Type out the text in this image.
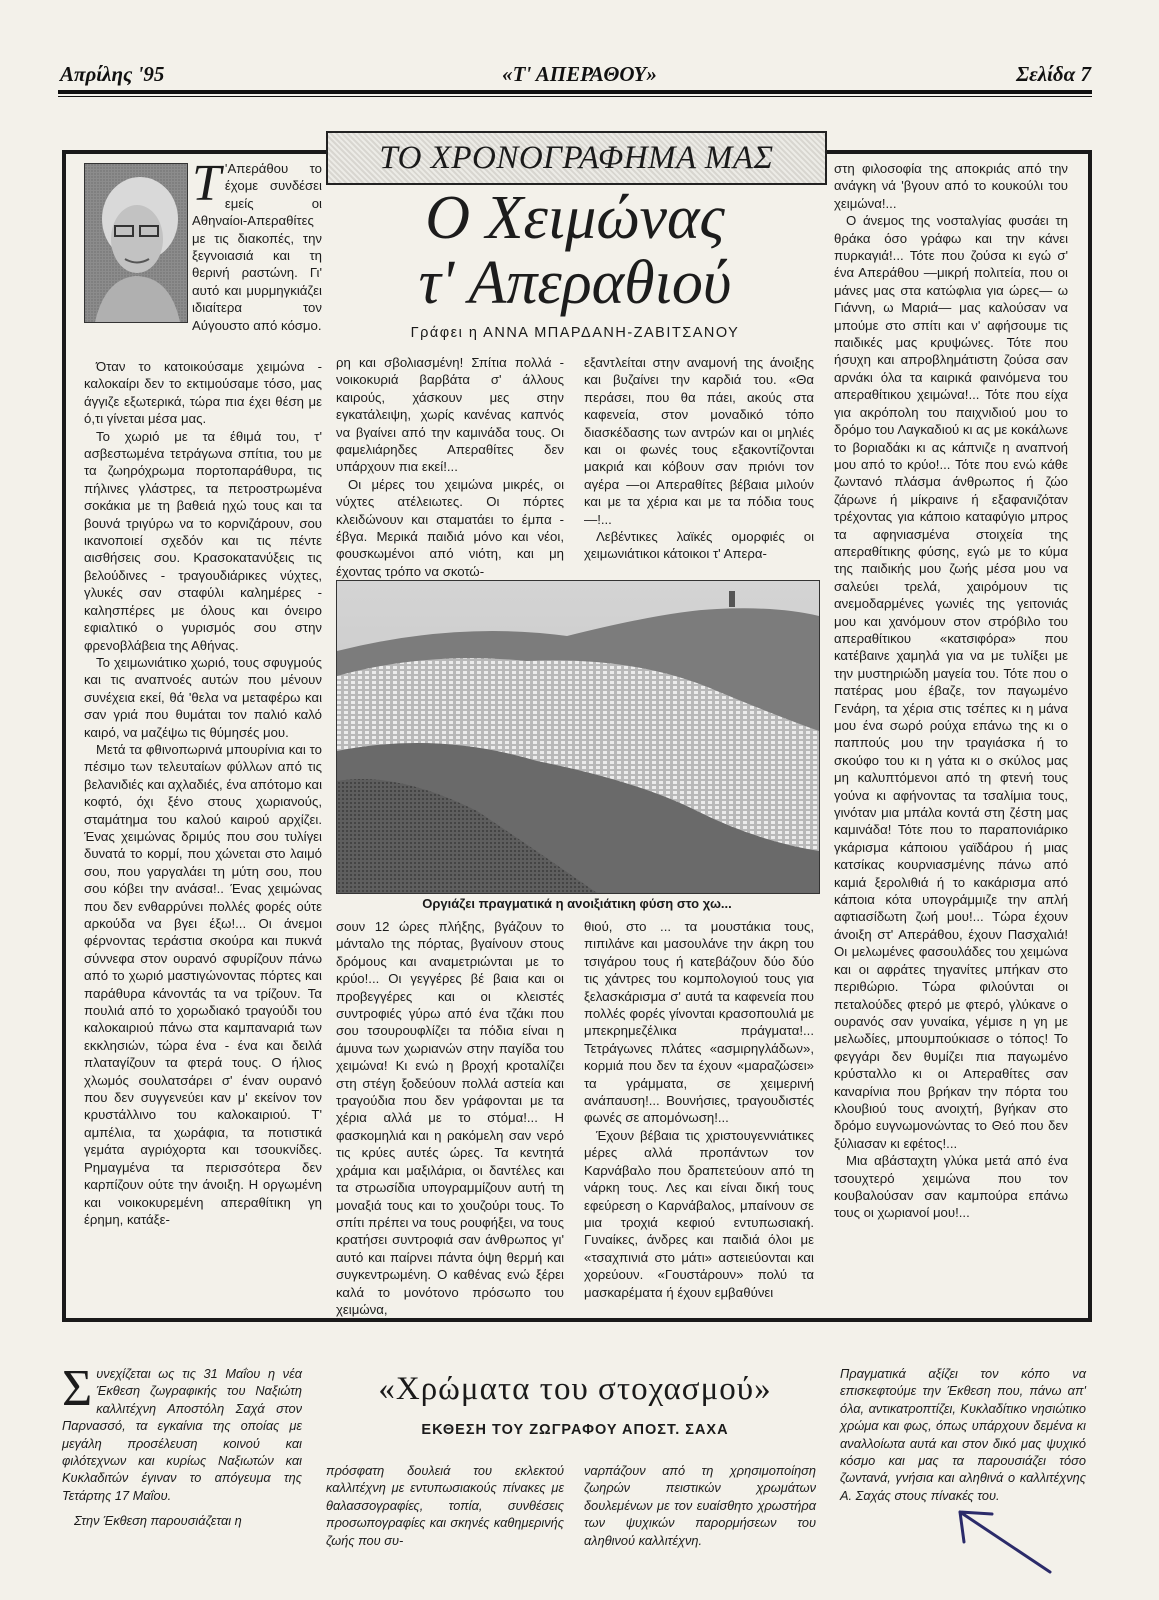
Απρίλης '95	«Τ' ΑΠΕΡΑΘΟΥ»	Σελίδα 7
ΤΟ ΧΡΟΝΟΓΡΑΦΗΜΑ ΜΑΣ
Ο Χειμώνας
τ' Απεραθιού
Γράφει η ΑΝΝΑ ΜΠΑΡΔΑΝΗ-ΖΑΒΙΤΣΑΝΟΥ

Τ 'Απεράθου το έχομε συνδέσει εμείς οι Αθηναίοι-Απεραθίτες με τις διακοπές, την ξεγνοιασιά και τη θερινή ραστώνη. Γι' αυτό και μυρμηγκιάζει ιδιαίτερα τον Αύγουστο από κόσμο.

Όταν το κατοικούσαμε χειμώνα - καλοκαίρι δεν το εκτιμούσαμε τόσο, μας άγγιζε εξωτερικά, τώρα πια έχει θέση με ό,τι γίνεται μέσα μας.

Το χωριό με τα έθιμά του, τ' ασβεστωμένα τετράγωνα σπίτια, του με τα ζωηρόχρωμα πορτοπαράθυρα, τις πήλινες γλάστρες, τα πετροστρωμένα σοκάκια με τη βαθειά ηχώ τους και τα βουνά τριγύρω να το κορνιζάρουν, σου ικανοποιεί σχεδόν και τις πέντε αισθήσεις σου. Κρασοκατανύξεις τις βελούδινες - τραγουδιάρικες νύχτες, γλυκές σαν σταφύλι καλημέρες - καλησπέρες με όλους και όνειρο εφιαλτικό ο γυρισμός σου στην φρενοβλάβεια της Αθήνας.

Το χειμωνιάτικο χωριό, τους σφυγμούς και τις αναπνοές αυτών που μένουν συνέχεια εκεί, θά 'θελα να μεταφέρω και σαν γριά που θυμάται τον παλιό καλό καιρό, να μαζέψω τις θύμησές μου.

Μετά τα φθινοπωρινά μπουρίνια και το πέσιμο των τελευταίων φύλλων από τις βελανιδιές και αχλαδιές, ένα απότομο και κοφτό, όχι ξένο στους χωριανούς, σταμάτημα του καλού καιρού αρχίζει. Ένας χειμώνας δριμύς που σου τυλίγει δυνατά το κορμί, που χώνεται στο λαιμό σου, που γαργαλάει τη μύτη σου, που σου κόβει την ανάσα!.. Ένας χειμώνας που δεν ενθαρρύνει πολλές φορές ούτε αρκούδα να βγει έξω!... Οι άνεμοι φέρνοντας τεράστια σκούρα και πυκνά σύννεφα στον ουρανό σφυρίζουν πάνω από το χωριό μαστιγώνοντας πόρτες και παράθυρα κάνοντάς τα να τρίζουν. Τα πουλιά από το χορωδιακό τραγούδι του καλοκαιριού πάνω στα καμπαναριά των εκκλησιών, τώρα ένα - ένα και δειλά πλαταγίζουν τα φτερά τους. Ο ήλιος χλωμός σουλατσάρει σ' έναν ουρανό που δεν συγγενεύει καν μ' εκείνον τον κρυστάλλινο του καλοκαιριού. Τ' αμπέλια, τα χωράφια, τα ποτιστικά γεμάτα αγριόχορτα και τσουκνίδες. Ρημαγμένα τα περισσότερα δεν καρπίζουν ούτε την άνοιξη. Η οργωμένη και νοικοκυρεμένη απεραθίτικη γη έρημη, κατάξε-

ρη και σβολιασμένη! Σπίτια πολλά - νοικοκυριά βαρβάτα σ' άλλους καιρούς, χάσκουν μες στην εγκατάλειψη, χωρίς κανένας καπνός να βγαίνει από την καμινάδα τους. Οι φαμελιάρηδες Απεραθίτες δεν υπάρχουν πια εκεί!...

Οι μέρες του χειμώνα μικρές, οι νύχτες ατέλειωτες. Οι πόρτες κλειδώνουν και σταματάει το έμπα - έβγα. Μερικά παιδιά μόνο και νέοι, φουσκωμένοι από νιότη, και μη έχοντας τρόπο να σκοτώ-

εξαντλείται στην αναμονή της άνοιξης και βυζαίνει την καρδιά του. «Θα περάσει, που θα πάει, ακούς στα καφενεία, στον μοναδικό τόπο διασκέδασης των αντρών και οι μηλιές και οι φωνές τους εξακοντίζονται μακριά και κόβουν σαν πριόνι τον αγέρα —οι Απεραθίτες βέβαια μιλούν και με τα χέρια και με τα πόδια τους—!...

Λεβέντικες λαϊκές ομορφιές οι χειμωνιάτικοι κάτοικοι τ' Απερα-

Οργιάζει πραγματικά η ανοιξιάτικη φύση στο χω...

σουν 12 ώρες πλήξης, βγάζουν το μάνταλο της πόρτας, βγαίνουν στους δρόμους και αναμετριώνται με το κρύο!... Οι γεγγέρες βέ βαια και οι προβεγγέρες και οι κλειστές συντροφιές γύρω από ένα τζάκι που σου τσουρουφλίζει τα πόδια είναι η άμυνα των χωριανών στην παγίδα του χειμώνα! Κι ενώ η βροχή κροταλίζει στη στέγη ξοδεύουν πολλά αστεία και τραγούδια που δεν γράφονται με τα χέρια αλλά με το στόμα!... Η φασκομηλιά και η ρακόμελη σαν νερό τις κρύες αυτές ώρες. Τα κεντητά χράμια και μαξιλάρια, οι δαντέλες και τα στρωσίδια υπογραμμίζουν αυτή τη μοναξιά τους και το χουζούρι τους. Το σπίτι πρέπει να τους ρουφήξει, να τους κρατήσει συντροφιά σαν άνθρωπος γι' αυτό και παίρνει πάντα όψη θερμή και συγκεντρωμένη. Ο καθένας ενώ ξέρει καλά το μονότονο πρόσωπο του χειμώνα,

θιού, στο ... τα μουστάκια τους, πιπιλάνε και μασουλάνε την άκρη του τσιγάρου τους ή κατεβάζουν δύο δύο τις χάντρες του κομπολογιού τους για ξελασκάρισμα σ' αυτά τα καφενεία που πολλές φορές γίνονται κρασοπουλιά με μπεκρημεζέλικα πράγματα!... Τετράγωνες πλάτες «ασμιρηγλάδων», κορμιά που δεν τα έχουν «μαραζώσει» τα γράμματα, σε χειμερινή ανάπαυση!... Βουνήσιες, τραγουδιστές φωνές σε απομόνωση!...

Έχουν βέβαια τις χριστουγεννιάτικες μέρες αλλά προπάντων τον Καρνάβαλο που δραπετεύουν από τη νάρκη τους. Λες και είναι δική τους εφεύρεση ο Καρνάβαλος, μπαίνουν σε μια τροχιά κεφιού εντυπωσιακή. Γυναίκες, άνδρες και παιδιά όλοι με «τσαχπινιά στο μάτι» αστειεύονται και χορεύουν. «Γουστάρουν» πολύ τα μασκαρέματα ή έχουν εμβαθύνει

στη φιλοσοφία της αποκριάς από την ανάγκη νά 'βγουν από το κουκούλι του χειμώνα!...

Ο άνεμος της νοσταλγίας φυσάει τη θράκα όσο γράφω και την κάνει πυρκαγιά!... Τότε που ζούσα κι εγώ σ' ένα Απεράθου —μικρή πολιτεία, που οι μάνες μας στα κατώφλια για ώρες— ω Γιάννη, ω Μαριά— μας καλούσαν να μπούμε στο σπίτι και ν' αφήσουμε τις παιδικές μας κρυψώνες. Τότε που ήσυχη και απροβλημάτιστη ζούσα σαν αρνάκι όλα τα καιρικά φαινόμενα του απεραθίτικου χειμώνα!... Τότε που είχα για ακρόπολη του παιχνιδιού μου το δρόμο του Λαγκαδιού κι ας με κοκάλωνε το βοριαδάκι κι ας κάπνιζε η αναπνοή μου από το κρύο!... Τότε που ενώ κάθε ζωντανό πλάσμα άνθρωπος ή ζώο ζάρωνε ή μίκραινε ή εξαφανιζόταν τρέχοντας για κάποιο καταφύγιο μπρος τα αφηνιασμένα στοιχεία της απεραθίτικης φύσης, εγώ με το κύμα της παιδικής μου ζωής μέσα μου να σαλεύει τρελά, χαιρόμουν τις ανεμοδαρμένες γωνιές της γειτονιάς μου και χανόμουν στον στρόβιλο του απεραθίτικου «κατσιφόρα» που κατέβαινε χαμηλά για να με τυλίξει με την μυστηριώδη μαγεία του. Τότε που ο πατέρας μου έβαζε, τον παγωμένο Γενάρη, τα χέρια στις τσέπες κι η μάνα μου ένα σωρό ρούχα επάνω της κι ο παππούς μου την τραγιάσκα ή το σκούφο του κι η γάτα κι ο σκύλος μας μη καλυπτόμενοι από τη φτενή τους γούνα κι αφήνοντας τα τσαλίμια τους, γινόταν μια μπάλα κοντά στη ζέστη μας καμινάδα! Τότε που το παραπονιάρικο γκάρισμα κάποιου γαϊδάρου ή μιας κατσίκας κουρνιασμένης πάνω από καμιά ξερολιθιά ή το κακάρισμα από κάποια κότα υπογράμμιζε την απλή αφτιασίδωτη ζωή μου!... Τώρα έχουν άνοιξη στ' Απεράθου, έχουν Πασχαλιά! Οι μελωμένες φασουλάδες του χειμώνα και οι αφράτες τηγανίτες μπήκαν στο περιθώριο. Τώρα φιλούνται οι πεταλούδες φτερό με φτερό, γλύκανε ο ουρανός σαν γυναίκα, γέμισε η γη με μελωδίες, μπουμπούκιασε ο τόπος! Το φεγγάρι δεν θυμίζει πια παγωμένο κρύσταλλο κι οι Απεραθίτες σαν καναρίνια που βρήκαν την πόρτα του κλουβιού τους ανοιχτή, βγήκαν στο δρόμο ευγνωμονώντας το Θεό που δεν ξύλιασαν κι εφέτος!...

Μια αβάσταχτη γλύκα μετά από ένα τσουχτερό χειμώνα που τον κουβαλούσαν σαν καμπούρα επάνω τους οι χωριανοί μου!...

«Χρώματα του στοχασμού»
ΕΚΘΕΣΗ ΤΟΥ ΖΩΓΡΑΦΟΥ ΑΠΟΣΤ. ΣΑΧΑ

Συνεχίζεται ως τις 31 Μαΐου η νέα Έκθεση ζωγραφικής του Ναξιώτη καλλιτέχνη Αποστόλη Σαχά στον Παρνασσό, τα εγκαίνια της οποίας με μεγάλη προσέλευση κοινού και φιλότεχνων και κυρίως Ναξιωτών και Κυκλαδιτών έγιναν το απόγευμα της Τετάρτης 17 Μαΐου.

Στην Έκθεση παρουσιάζεται η

πρόσφατη δουλειά του εκλεκτού καλλιτέχνη με εντυπωσιακούς πίνακες με θαλασσογραφίες, τοπία, συνθέσεις προσωπογραφίες και σκηνές καθημερινής ζωής που συ-

ναρπάζουν από τη χρησιμοποίηση ζωηρών πειστικών χρωμάτων δουλεμένων με τον ευαίσθητο χρωστήρα των ψυχικών παρορμήσεων του αληθινού καλλιτέχνη.

Πραγματικά αξίζει τον κόπο να επισκεφτούμε την Έκθεση που, πάνω απ' όλα, αντικατροπτίζει, Κυκλαδίτικο νησιώτικο χρώμα και φως, όπως υπάρχουν δεμένα κι αναλλοίωτα αυτά και στον δικό μας ψυχικό κόσμο και μας τα παρουσιάζει τόσο ζωντανά, γνήσια και αληθινά ο καλλιτέχνης Α. Σαχάς στους πίνακές του.
